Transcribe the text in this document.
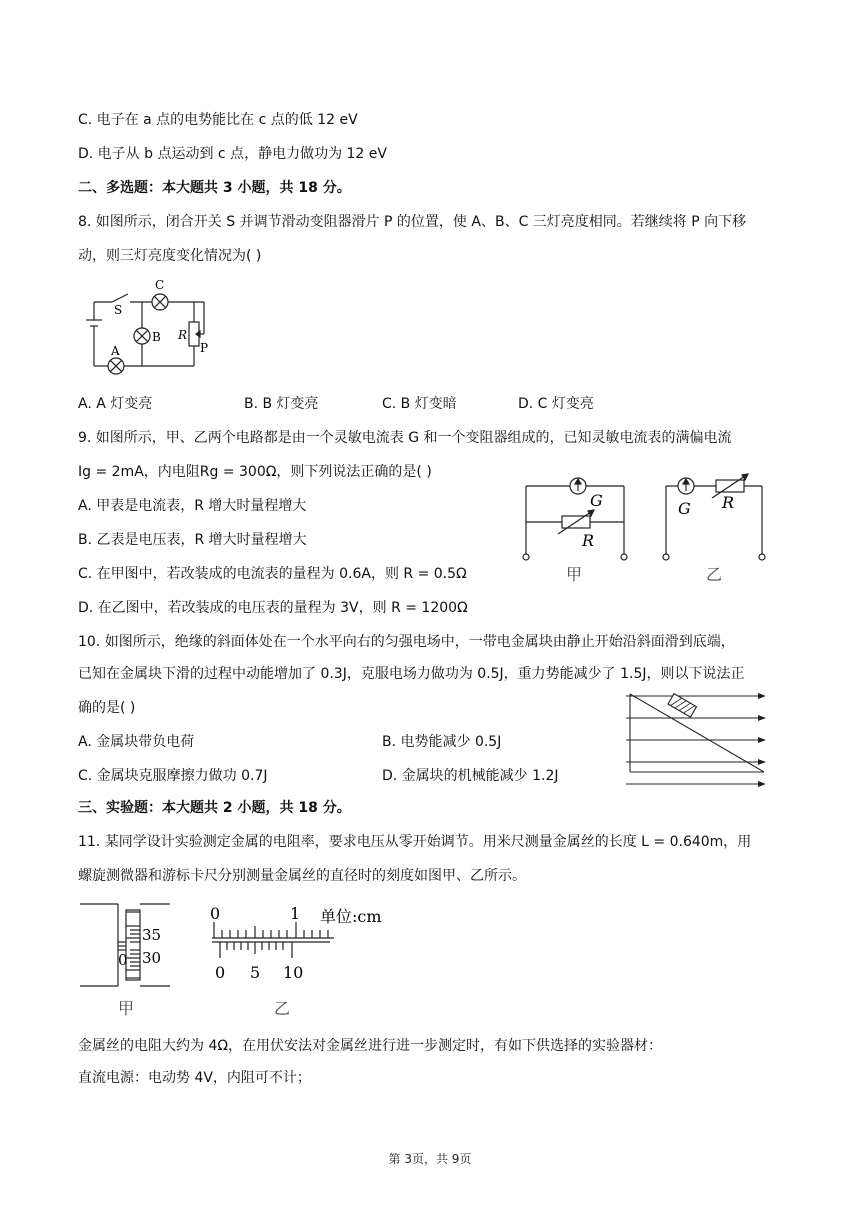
C. 电子在 a 点的电势能比在 c 点的低 12 eV
D. 电子从 b 点运动到 c 点，静电力做功为 12 eV
二、多选题：本大题共 3 小题，共 18 分。
8. 如图所示，闭合开关 S 并调节滑动变阻器滑片 P 的位置，使 A、B、C 三灯亮度相同。若继续将 P 向下移
动，则三灯亮度变化情况为( )
S
C
B
A
R
P
A. A 灯变亮	B. B 灯变亮	C. B 灯变暗	D. C 灯变亮
9. 如图所示，甲、乙两个电路都是由一个灵敏电流表 G 和一个变阻器组成的，已知灵敏电流表的满偏电流
Ig = 2mA，内电阻Rg = 300Ω，则下列说法正确的是( )
A. 甲表是电流表，R 增大时量程增大
B. 乙表是电压表，R 增大时量程增大
C. 在甲图中，若改装成的电流表的量程为 0.6A，则 R = 0.5Ω
D. 在乙图中，若改装成的电压表的量程为 3V，则 R = 1200Ω
G
R
G R
甲	乙
10. 如图所示，绝缘的斜面体处在一个水平向右的匀强电场中，一带电金属块由静止开始沿斜面滑到底端，
已知在金属块下滑的过程中动能增加了 0.3J，克服电场力做功为 0.5J，重力势能减少了 1.5J，则以下说法正
确的是( )
A. 金属块带负电荷	B. 电势能减少 0.5J
C. 金属块克服摩擦力做功 0.7J	D. 金属块的机械能减少 1.2J
三、实验题：本大题共 2 小题，共 18 分。
11. 某同学设计实验测定金属的电阻率，要求电压从零开始调节。用米尺测量金属丝的长度 L = 0.640m，用
螺旋测微器和游标卡尺分别测量金属丝的直径时的刻度如图甲、乙所示。
35
30
0
甲
0	1 单位:cm
0 5 10
乙
金属丝的电阻大约为 4Ω，在用伏安法对金属丝进行进一步测定时，有如下供选择的实验器材：
直流电源：电动势 4V，内阻可不计；
第 3页，共 9页
